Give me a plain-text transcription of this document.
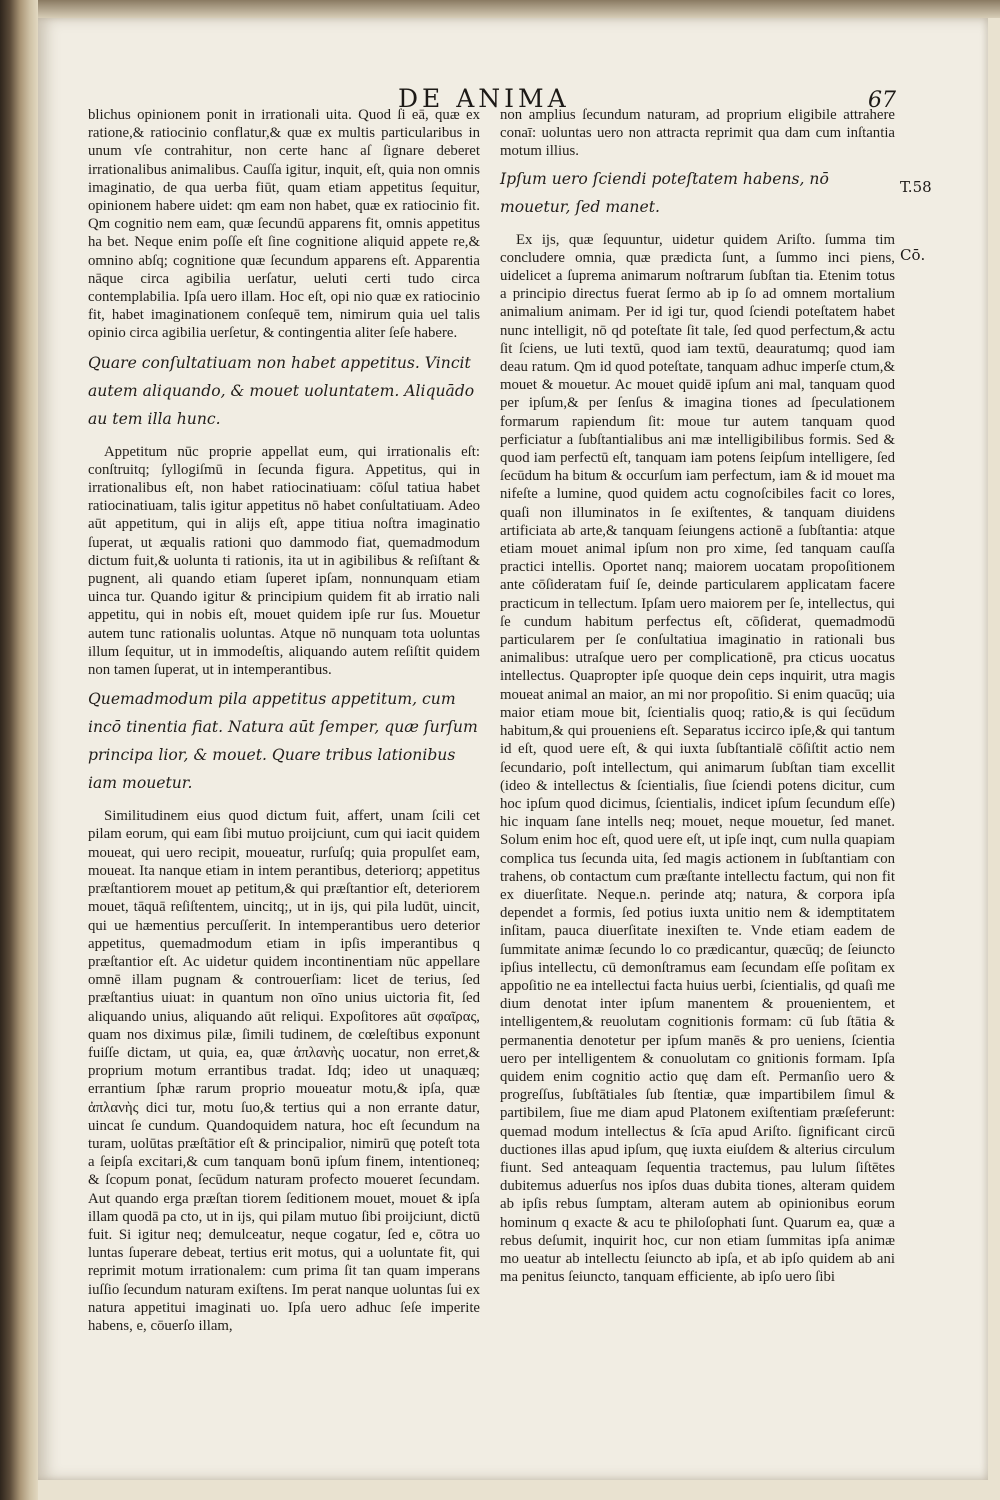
DE ANIMA	67
T.58
Cō.

blichus opinionem ponit in irrationali uita. Quod ſi eā, quæ ex ratione,& ratiocinio conflatur,& quæ ex multis particularibus in unum vſe contrahitur, non certe hanc aſ ſignare deberet irrationalibus animalibus. Cauſſa igitur, inquit, eſt, quia non omnis imaginatio, de qua uerba fiūt, quam etiam appetitus ſequitur, opinionem habere uidet: qm eam non habet, quæ ex ratiocinio fit. Qm cognitio nem eam, quæ ſecundū apparens fit, omnis appetitus ha bet. Neque enim poſſe eſt ſine cognitione aliquid appete re,& omnino abſq; cognitione quæ ſecundum apparens eſt. Apparentia nāque circa agibilia uerſatur, ueluti certi tudo circa contemplabilia. Ipſa uero illam. Hoc eſt, opi nio quæ ex ratiocinio fit, habet imaginationem conſequē tem, nimirum quia uel talis opinio circa agibilia uerſetur, & contingentia aliter ſeſe habere.

Quare conſultatiuam non habet appetitus. Vincit autem aliquando, & mouet uoluntatem. Aliquādo au tem illa hunc.

Appetitum nūc proprie appellat eum, qui irrationalis eſt: conſtruitq; ſyllogiſmū in ſecunda figura. Appetitus, qui in irrationalibus eſt, non habet ratiocinatiuam: cōſul tatiua habet ratiocinatiuam, talis igitur appetitus nō habet conſultatiuam. Adeo aūt appetitum, qui in alijs eſt, appe titiua noſtra imaginatio ſuperat, ut æqualis rationi quo dammodo fiat, quemadmodum dictum fuit,& uolunta ti rationis, ita ut in agibilibus & reſiſtant & pugnent, ali quando etiam ſuperet ipſam, nonnunquam etiam uinca tur. Quando igitur & principium quidem fit ab irratio nali appetitu, qui in nobis eſt, mouet quidem ipſe rur ſus. Mouetur autem tunc rationalis uoluntas. Atque nō nunquam tota uoluntas illum ſequitur, ut in immodeſtis, aliquando autem reſiſtit quidem non tamen ſuperat, ut in intemperantibus.

Quemadmodum pila appetitus appetitum, cum incō tinentia fiat. Natura aūt ſemper, quæ ſurſum principa lior, & mouet. Quare tribus lationibus iam mouetur.

Similitudinem eius quod dictum fuit, affert, unam ſcili cet pilam eorum, qui eam ſibi mutuo proijciunt, cum qui iacit quidem moueat, qui uero recipit, moueatur, rurſuſq; quia propulſet eam, moueat. Ita nanque etiam in intem perantibus, deteriorq; appetitus præſtantiorem mouet ap petitum,& qui præſtantior eſt, deteriorem mouet, tāquā reſiſtentem, uincitq;, ut in ijs, qui pila ludūt, uincit, qui ue hæmentius percuſſerit. In intemperantibus uero deterior appetitus, quemadmodum etiam in ipſis imperantibus q præſtantior eſt. Ac uidetur quidem incontinentiam nūc appellare omnē illam pugnam & controuerſiam: licet de terius, ſed præſtantius uiuat: in quantum non oīno unius uictoria fit, ſed aliquando unius, aliquando aūt reliqui. Expoſitores aūt σφαῖρας, quam nos diximus pilæ, ſimili tudinem, de cœleſtibus exponunt fuiſſe dictam, ut quia, ea, quæ ἀπλανὴς uocatur, non erret,& proprium motum errantibus tradat. Idq; ideo ut unaquæq; errantium ſphæ rarum proprio moueatur motu,& ipſa, quæ ἀπλανὴς dici tur, motu ſuo,& tertius qui a non errante datur, uincat ſe cundum. Quandoquidem natura, hoc eſt ſecundum na turam, uolūtas præſtātior eſt & principalior, nimirū quę poteſt tota a ſeipſa excitari,& cum tanquam bonū ipſum finem, intentioneq; & ſcopum ponat, ſecūdum naturam profecto moueret ſecundam. Aut quando erga præſtan tiorem ſeditionem mouet, mouet & ipſa illam quodā pa cto, ut in ijs, qui pilam mutuo ſibi proijciunt, dictū fuit. Si igitur neq; demulceatur, neque cogatur, ſed e, cōtra uo luntas ſuperare debeat, tertius erit motus, qui a uoluntate fit, qui reprimit motum irrationalem: cum prima ſit tan quam imperans iuſſio ſecundum naturam exiſtens. Im perat nanque uoluntas ſui ex natura appetitui imaginati uo. Ipſa uero adhuc ſeſe imperite habens, e, cōuerſo illam,

non amplius ſecundum naturam, ad proprium eligibile attrahere conaī: uoluntas uero non attracta reprimit qua dam cum inſtantia motum illius.

Ipſum uero ſciendi poteſtatem habens, nō mouetur, ſed manet.

Ex ijs, quæ ſequuntur, uidetur quidem Ariſto. ſumma tim concludere omnia, quæ prædicta ſunt, a ſummo inci piens, uidelicet a ſuprema animarum noſtrarum ſubſtan tia. Etenim totus a principio directus fuerat ſermo ab ip ſo ad omnem mortalium animalium animam. Per id igi tur, quod ſciendi poteſtatem habet nunc intelligit, nō qd poteſtate ſit tale, ſed quod perfectum,& actu ſit ſciens, ue luti textū, quod iam textū, deauratumq; quod iam deau ratum. Qm id quod poteſtate, tanquam adhuc imperſe ctum,& mouet & mouetur. Ac mouet quidē ipſum ani mal, tanquam quod per ipſum,& per ſenſus & imagina tiones ad ſpeculationem formarum rapiendum ſit: moue tur autem tanquam quod perficiatur a ſubſtantialibus ani mæ intelligibilibus formis. Sed & quod iam perfectū eſt, tanquam iam potens ſeipſum intelligere, ſed ſecūdum ha bitum & occurſum iam perfectum, iam & id mouet ma nifeſte a lumine, quod quidem actu cognoſcibiles facit co lores, quaſi non illuminatos in ſe exiſtentes, & tanquam diuidens artificiata ab arte,& tanquam ſeiungens actionē a ſubſtantia: atque etiam mouet animal ipſum non pro xime, ſed tanquam cauſſa practici intellis. Oportet nanq; maiorem uocatam propoſitionem ante cōſideratam fuiſ ſe, deinde particularem applicatam facere practicum in tellectum. Ipſam uero maiorem per ſe, intellectus, qui ſe cundum habitum perfectus eſt, cōſiderat, quemadmodū particularem per ſe conſultatiua imaginatio in rationali bus animalibus: utraſque uero per complicationē, pra cticus uocatus intellectus. Quapropter ipſe quoque dein ceps inquirit, utra magis moueat animal an maior, an mi nor propoſitio. Si enim quacūq; uia maior etiam moue bit, ſcientialis quoq; ratio,& is qui ſecūdum habitum,& qui proueniens eſt. Separatus iccirco ipſe,& qui tantum id eſt, quod uere eſt, & qui iuxta ſubſtantialē cōſiſtit actio nem ſecundario, poſt intellectum, qui animarum ſubſtan tiam excellit (ideo & intellectus & ſcientialis, ſiue ſciendi potens dicitur, cum hoc ipſum quod dicimus, ſcientialis, indicet ipſum ſecundum eſſe) hic inquam ſane intells neq; mouet, neque mouetur, ſed manet. Solum enim hoc eſt, quod uere eſt, ut ipſe inqt, cum nulla quapiam complica tus ſecunda uita, ſed magis actionem in ſubſtantiam con trahens, ob contactum cum præſtante intellectu factum, qui non fit ex diuerſitate. Neque.n. perinde atq; natura, & corpora ipſa dependet a formis, ſed potius iuxta unitio nem & idemptitatem inſitam, pauca diuerſitate inexiſten te. Vnde etiam eadem de ſummitate animæ ſecundo lo co prædicantur, quæcūq; de ſeiuncto ipſius intellectu, cū demonſtramus eam ſecundam eſſe poſitam ex appoſitio ne ea intellectui facta huius uerbi, ſcientialis, qd quaſi me dium denotat inter ipſum manentem & prouenientem, et intelligentem,& reuolutam cognitionis formam: cū ſub ſtātia & permanentia denotetur per ipſum manēs & pro ueniens, ſcientia uero per intelligentem & conuolutam co gnitionis formam. Ipſa quidem enim cognitio actio quę dam eſt. Permanſio uero & progreſſus, ſubſtātiales ſub ſtentiæ, quæ impartibilem ſimul & partibilem, ſiue me diam apud Platonem exiſtentiam præſeferunt: quemad modum intellectus & ſcīa apud Ariſto. ſignificant circū ductiones illas apud ipſum, quę iuxta eiuſdem & alterius circulum fiunt. Sed anteaquam ſequentia tractemus, pau lulum ſiſtētes dubitemus aduerſus nos ipſos duas dubita tiones, alteram quidem ab ipſis rebus ſumptam, alteram autem ab opinionibus eorum hominum q exacte & acu te philoſophati ſunt. Quarum ea, quæ a rebus deſumit, inquirit hoc, cur non etiam ſummitas ipſa animæ mo ueatur ab intellectu ſeiuncto ab ipſa, et ab ipſo quidem ab ani ma penitus ſeiuncto, tanquam efficiente, ab ipſo uero ſibi
